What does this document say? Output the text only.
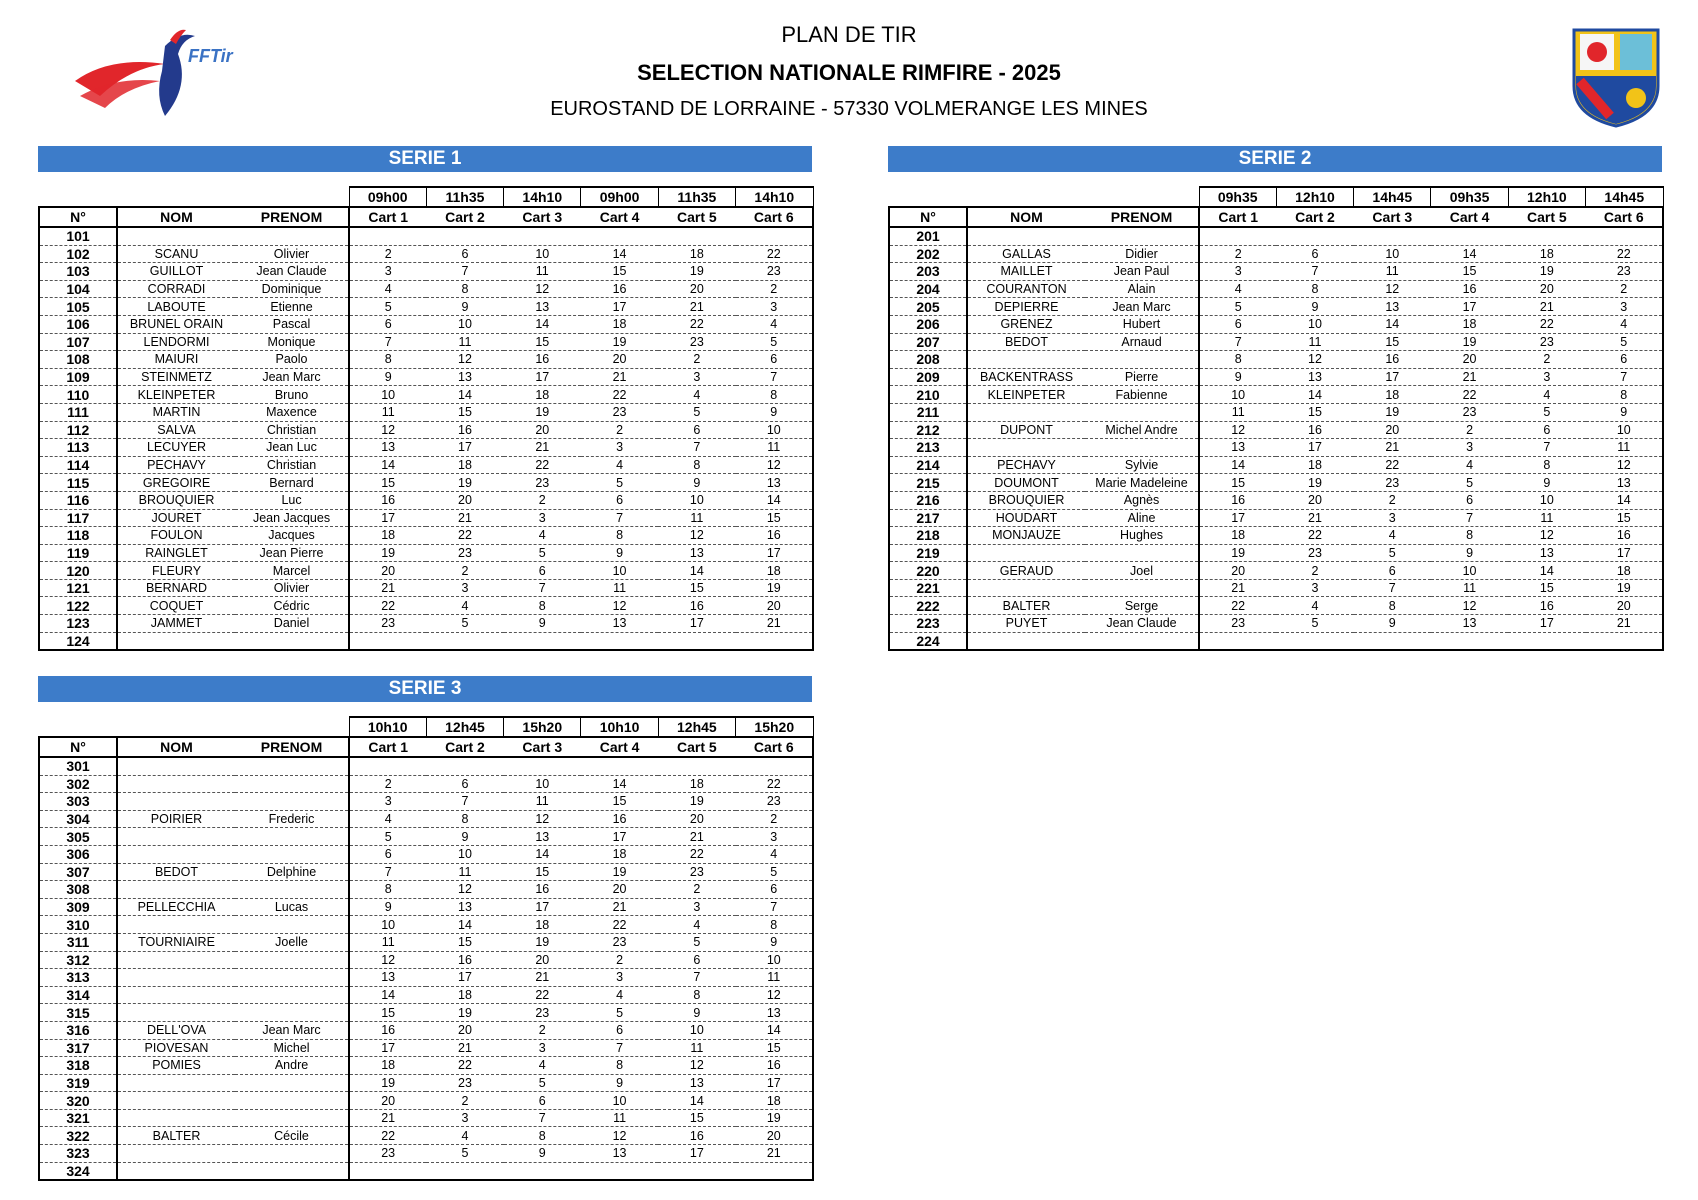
PLAN DE TIR
SELECTION NATIONALE RIMFIRE - 2025
EUROSTAND DE LORRAINE - 57330 VOLMERANGE LES MINES
FFTir
SERIE 1
			09h00	11h35	14h10	09h00	11h35	14h10
N°	NOM	PRENOM	Cart 1	Cart 2	Cart 3	Cart 4	Cart 5	Cart 6
101								
102	SCANU	Olivier	2	6	10	14	18	22
103	GUILLOT	Jean Claude	3	7	11	15	19	23
104	CORRADI	Dominique	4	8	12	16	20	2
105	LABOUTE	Etienne	5	9	13	17	21	3
106	BRUNEL ORAIN	Pascal	6	10	14	18	22	4
107	LENDORMI	Monique	7	11	15	19	23	5
108	MAIURI	Paolo	8	12	16	20	2	6
109	STEINMETZ	Jean Marc	9	13	17	21	3	7
110	KLEINPETER	Bruno	10	14	18	22	4	8
111	MARTIN	Maxence	11	15	19	23	5	9
112	SALVA	Christian	12	16	20	2	6	10
113	LECUYER	Jean Luc	13	17	21	3	7	11
114	PECHAVY	Christian	14	18	22	4	8	12
115	GREGOIRE	Bernard	15	19	23	5	9	13
116	BROUQUIER	Luc	16	20	2	6	10	14
117	JOURET	Jean Jacques	17	21	3	7	11	15
118	FOULON	Jacques	18	22	4	8	12	16
119	RAINGLET	Jean Pierre	19	23	5	9	13	17
120	FLEURY	Marcel	20	2	6	10	14	18
121	BERNARD	Olivier	21	3	7	11	15	19
122	COQUET	Cédric	22	4	8	12	16	20
123	JAMMET	Daniel	23	5	9	13	17	21
124								
SERIE 2
			09h35	12h10	14h45	09h35	12h10	14h45
N°	NOM	PRENOM	Cart 1	Cart 2	Cart 3	Cart 4	Cart 5	Cart 6
201								
202	GALLAS	Didier	2	6	10	14	18	22
203	MAILLET	Jean Paul	3	7	11	15	19	23
204	COURANTON	Alain	4	8	12	16	20	2
205	DEPIERRE	Jean Marc	5	9	13	17	21	3
206	GRENEZ	Hubert	6	10	14	18	22	4
207	BEDOT	Arnaud	7	11	15	19	23	5
208			8	12	16	20	2	6
209	BACKENTRASS	Pierre	9	13	17	21	3	7
210	KLEINPETER	Fabienne	10	14	18	22	4	8
211			11	15	19	23	5	9
212	DUPONT	Michel Andre	12	16	20	2	6	10
213			13	17	21	3	7	11
214	PECHAVY	Sylvie	14	18	22	4	8	12
215	DOUMONT	Marie Madeleine	15	19	23	5	9	13
216	BROUQUIER	Agnès	16	20	2	6	10	14
217	HOUDART	Aline	17	21	3	7	11	15
218	MONJAUZE	Hughes	18	22	4	8	12	16
219			19	23	5	9	13	17
220	GERAUD	Joel	20	2	6	10	14	18
221			21	3	7	11	15	19
222	BALTER	Serge	22	4	8	12	16	20
223	PUYET	Jean Claude	23	5	9	13	17	21
224								
SERIE 3
			10h10	12h45	15h20	10h10	12h45	15h20
N°	NOM	PRENOM	Cart 1	Cart 2	Cart 3	Cart 4	Cart 5	Cart 6
301								
302			2	6	10	14	18	22
303			3	7	11	15	19	23
304	POIRIER	Frederic	4	8	12	16	20	2
305			5	9	13	17	21	3
306			6	10	14	18	22	4
307	BEDOT	Delphine	7	11	15	19	23	5
308			8	12	16	20	2	6
309	PELLECCHIA	Lucas	9	13	17	21	3	7
310			10	14	18	22	4	8
311	TOURNIAIRE	Joelle	11	15	19	23	5	9
312			12	16	20	2	6	10
313			13	17	21	3	7	11
314			14	18	22	4	8	12
315			15	19	23	5	9	13
316	DELL'OVA	Jean Marc	16	20	2	6	10	14
317	PIOVESAN	Michel	17	21	3	7	11	15
318	POMIES	Andre	18	22	4	8	12	16
319			19	23	5	9	13	17
320			20	2	6	10	14	18
321			21	3	7	11	15	19
322	BALTER	Cécile	22	4	8	12	16	20
323			23	5	9	13	17	21
324								
